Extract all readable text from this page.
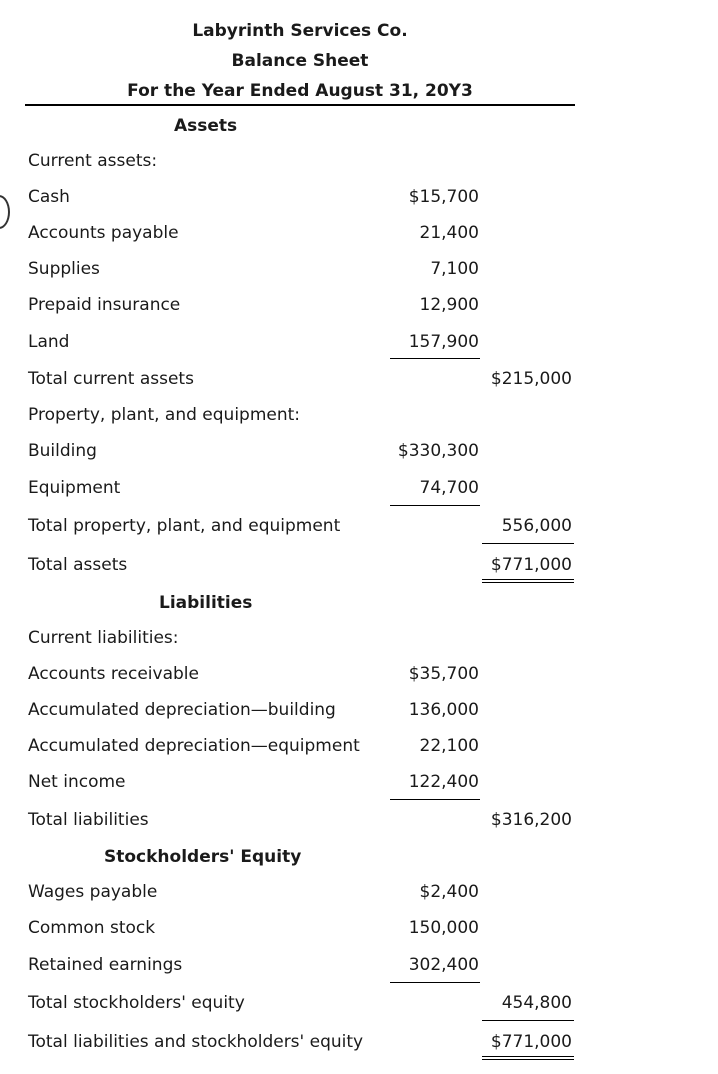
Labyrinth Services Co.
Balance Sheet
For the Year Ended August 31, 20Y3
Assets
Current assets:
Cash	$15,700
Accounts payable	21,400
Supplies	7,100
Prepaid insurance	12,900
Land	157,900
Total current assets	$215,000
Property, plant, and equipment:
Building	$330,300
Equipment	74,700
Total property, plant, and equipment	556,000
Total assets	$771,000
Liabilities
Current liabilities:
Accounts receivable	$35,700
Accumulated depreciation—building	136,000
Accumulated depreciation—equipment	22,100
Net income	122,400
Total liabilities	$316,200
Stockholders' Equity
Wages payable	$2,400
Common stock	150,000
Retained earnings	302,400
Total stockholders' equity	454,800
Total liabilities and stockholders' equity	$771,000
